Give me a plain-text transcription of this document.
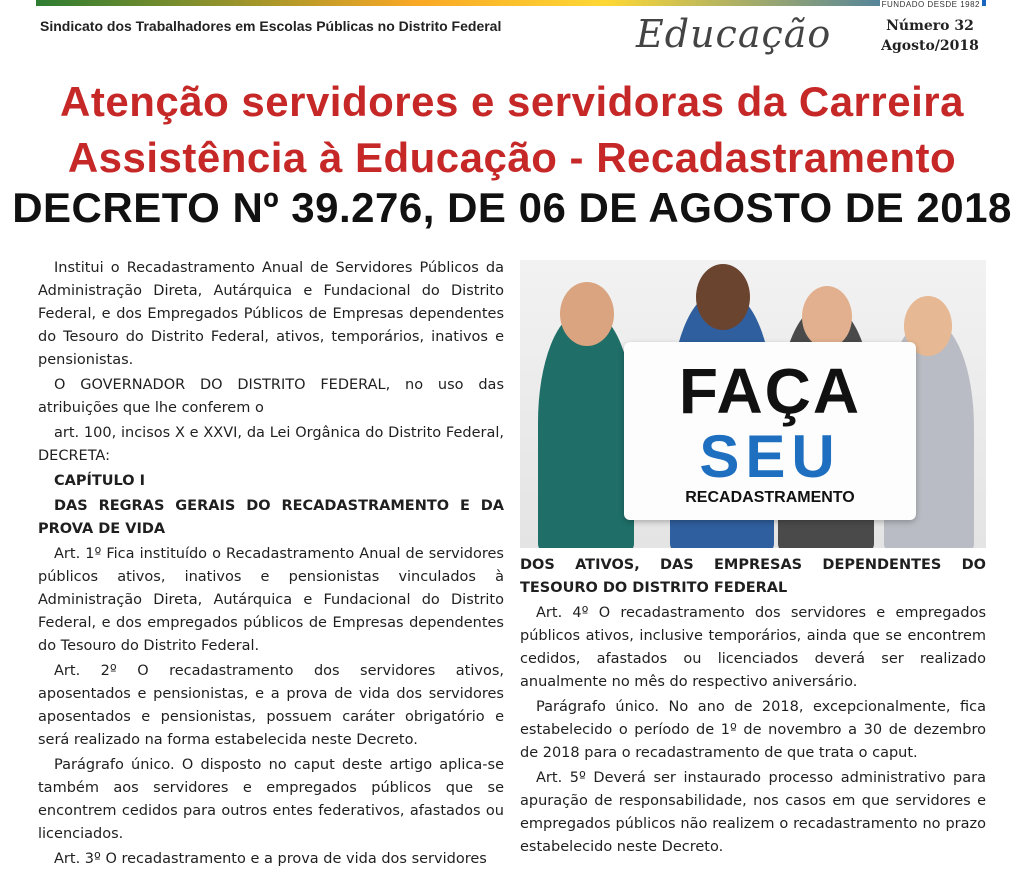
FUNDADO DESDE 1982
Sindicato dos Trabalhadores em Escolas Públicas no Distrito Federal	Educação	Número 32
Agosto/2018
Atenção servidores e servidoras da Carreira
Assistência à Educação - Recadastramento
DECRETO Nº 39.276, DE 06 DE AGOSTO DE 2018

Institui o Recadastramento Anual de Servidores Públicos da Administração Direta, Autárquica e Fundacional do Distrito Federal, e dos Empregados Públicos de Empresas dependentes do Tesouro do Distrito Federal, ativos, temporários, inativos e pensionistas.

O GOVERNADOR DO DISTRITO FEDERAL, no uso das atribuições que lhe conferem o

art. 100, incisos X e XXVI, da Lei Orgânica do Distrito Federal, DECRETA:

CAPÍTULO I

DAS REGRAS GERAIS DO RECADASTRAMENTO E DA PROVA DE VIDA

Art. 1º Fica instituído o Recadastramento Anual de servidores públicos ativos, inativos e pensionistas vinculados à Administração Direta, Autárquica e Fundacional do Distrito Federal, e dos empregados públicos de Empresas dependentes do Tesouro do Distrito Federal.

Art. 2º O recadastramento dos servidores ativos, aposentados e pensionistas, e a prova de vida dos servidores aposentados e pensionistas, possuem caráter obrigatório e será realizado na forma estabelecida neste Decreto.

Parágrafo único. O disposto no caput deste artigo aplica-se também aos servidores e empregados públicos que se encontrem cedidos para outros entes federativos, afastados ou licenciados.

Art. 3º O recadastramento e a prova de vida dos servidores

FAÇA
SEU
RECADASTRAMENTO

DOS ATIVOS, DAS EMPRESAS DEPENDENTES DO TESOURO DO DISTRITO FEDERAL

Art. 4º O recadastramento dos servidores e empregados públicos ativos, inclusive temporários, ainda que se encontrem cedidos, afastados ou licenciados deverá ser realizado anualmente no mês do respectivo aniversário.

Parágrafo único. No ano de 2018, excepcionalmente, fica estabelecido o período de 1º de novembro a 30 de dezembro de 2018 para o recadastramento de que trata o caput.

Art. 5º Deverá ser instaurado processo administrativo para apuração de responsabilidade, nos casos em que servidores e empregados públicos não realizem o recadastramento no prazo estabelecido neste Decreto.
